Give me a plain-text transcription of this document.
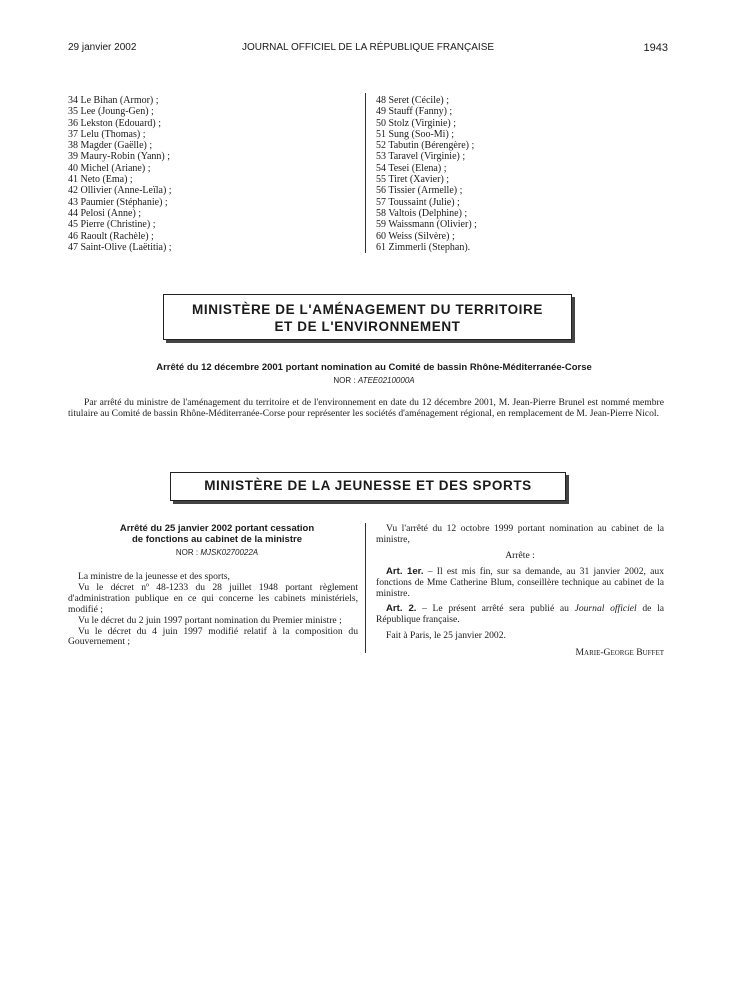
29 janvier 2002	JOURNAL OFFICIEL DE LA RÉPUBLIQUE FRANÇAISE	1943
34 Le Bihan (Armor) ;
35 Lee (Joung-Gen) ;
36 Lekston (Edouard) ;
37 Lelu (Thomas) ;
38 Magder (Gaëlle) ;
39 Maury-Robin (Yann) ;
40 Michel (Ariane) ;
41 Neto (Ema) ;
42 Ollivier (Anne-Leïla) ;
43 Paumier (Stéphanie) ;
44 Pelosi (Anne) ;
45 Pierre (Christine) ;
46 Raoult (Rachèle) ;
47 Saint-Olive (Laëtitia) ;
48 Seret (Cécile) ;
49 Stauff (Fanny) ;
50 Stolz (Virginie) ;
51 Sung (Soo-Mi) ;
52 Tabutin (Bérengère) ;
53 Taravel (Virginie) ;
54 Tesei (Elena) ;
55 Tiret (Xavier) ;
56 Tissier (Armelle) ;
57 Toussaint (Julie) ;
58 Valtois (Delphine) ;
59 Waissmann (Olivier) ;
60 Weiss (Silvère) ;
61 Zimmerli (Stephan).
MINISTÈRE DE L'AMÉNAGEMENT DU TERRITOIRE
ET DE L'ENVIRONNEMENT
Arrêté du 12 décembre 2001 portant nomination au Comité de bassin Rhône-Méditerranée-Corse
NOR : ATEE0210000A
Par arrêté du ministre de l'aménagement du territoire et de l'environnement en date du 12 décembre 2001, M. Jean-Pierre Brunel est nommé membre titulaire au Comité de bassin Rhône-Méditerranée-Corse pour représenter les sociétés d'aménagement régional, en remplacement de M. Jean-Pierre Nicol.
MINISTÈRE DE LA JEUNESSE ET DES SPORTS
Arrêté du 25 janvier 2002 portant cessation
de fonctions au cabinet de la ministre
NOR : MJSK0270022A

La ministre de la jeunesse et des sports,

Vu le décret nº 48-1233 du 28 juillet 1948 portant règlement d'administration publique en ce qui concerne les cabinets ministériels, modifié ;

Vu le décret du 2 juin 1997 portant nomination du Premier ministre ;

Vu le décret du 4 juin 1997 modifié relatif à la composition du Gouvernement ;

Vu l'arrêté du 12 octobre 1999 portant nomination au cabinet de la ministre,

Arrête :

Art. 1er. – Il est mis fin, sur sa demande, au 31 janvier 2002, aux fonctions de Mme Catherine Blum, conseillère technique au cabinet de la ministre.

Art. 2. – Le présent arrêté sera publié au Journal officiel de la République française.

Fait à Paris, le 25 janvier 2002.

Marie-George Buffet
